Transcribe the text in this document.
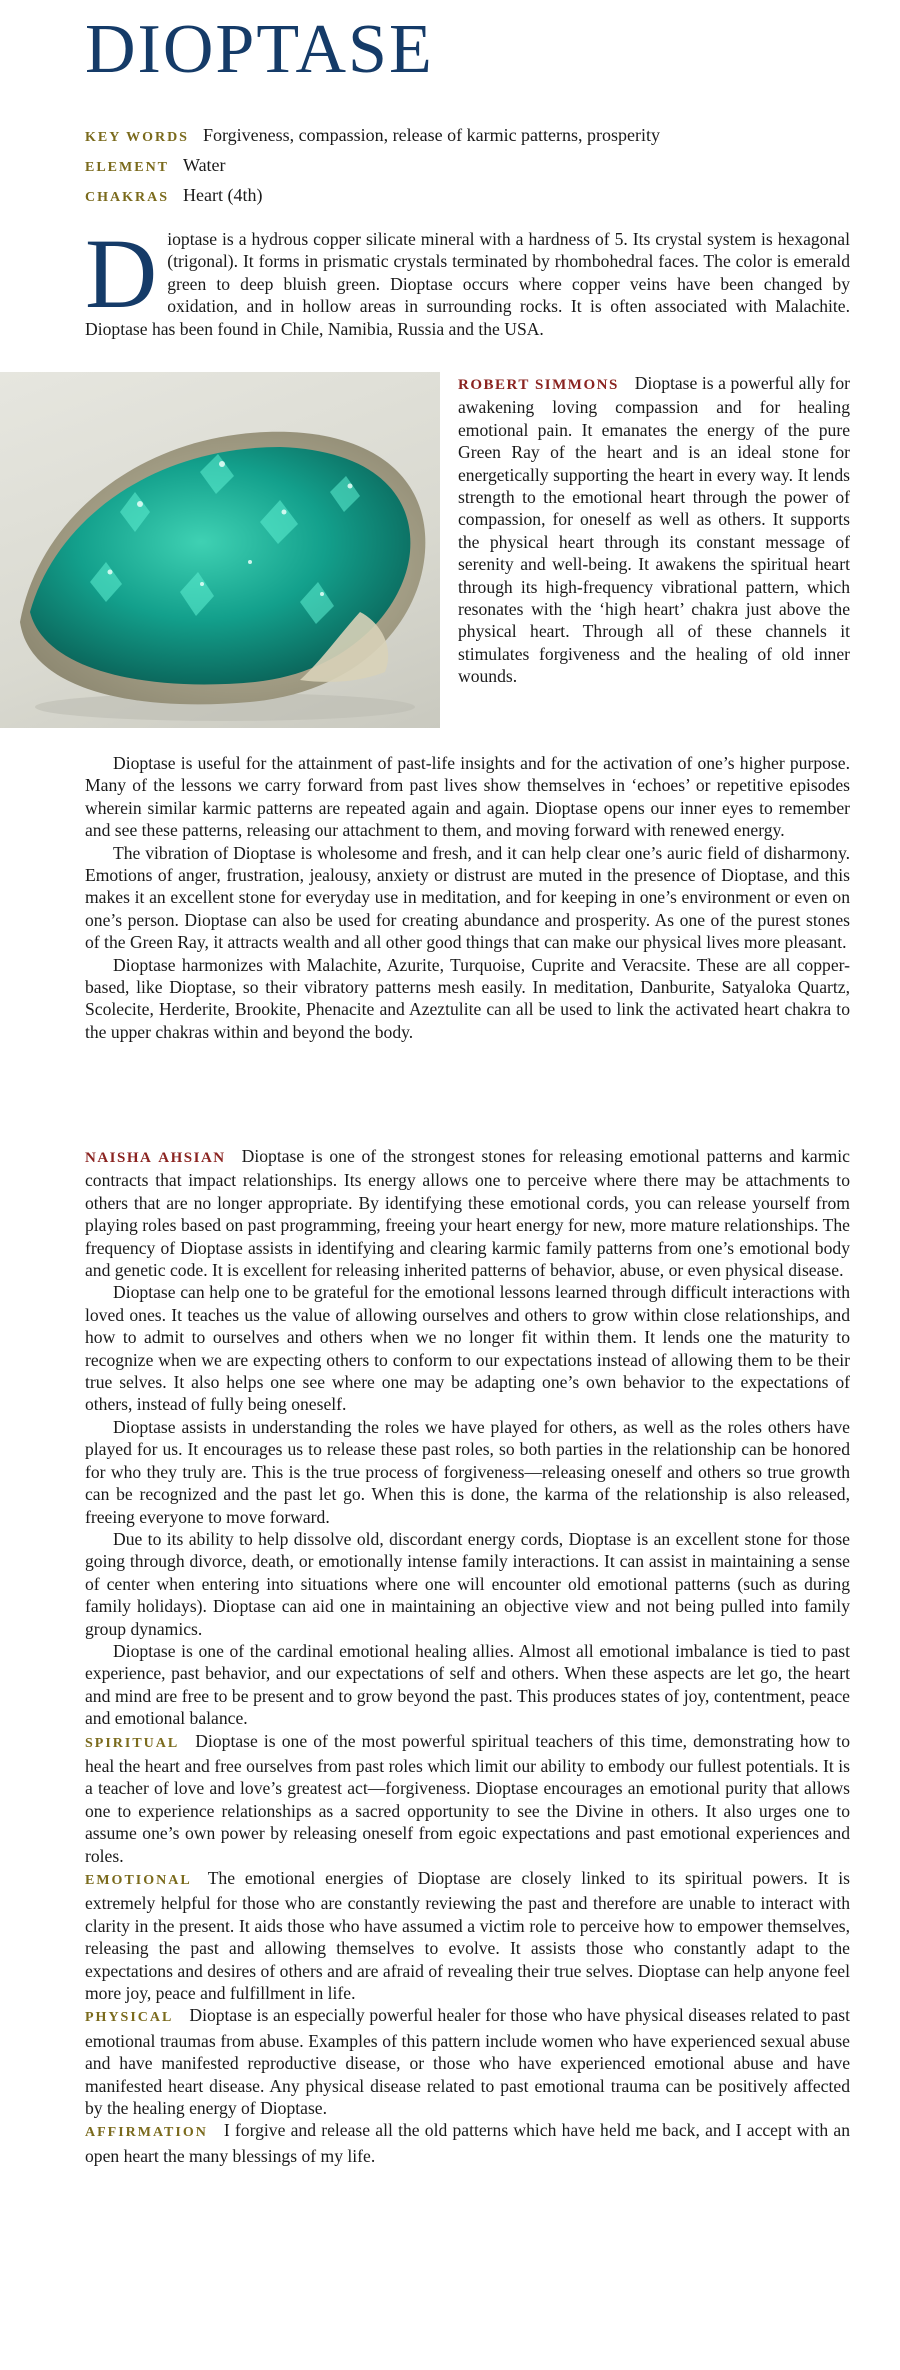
DIOPTASE
KEY WORDS Forgiveness, compassion, release of karmic patterns, prosperity
ELEMENT Water
CHAKRAS Heart (4th)
Dioptase is a hydrous copper silicate mineral with a hardness of 5. Its crystal system is hexagonal (trigonal). It forms in prismatic crystals terminated by rhombohedral faces. The color is emerald green to deep bluish green. Dioptase occurs where copper veins have been changed by oxidation, and in hollow areas in surrounding rocks. It is often associated with Malachite. Dioptase has been found in Chile, Namibia, Russia and the USA.

ROBERT SIMMONS Dioptase is a powerful ally for awakening loving compassion and for healing emotional pain. It emanates the energy of the pure Green Ray of the heart and is an ideal stone for energetically supporting the heart in every way. It lends strength to the emotional heart through the power of compassion, for oneself as well as others. It supports the physical heart through its constant message of serenity and well-being. It awakens the spiritual heart through its high-frequency vibrational pattern, which resonates with the ‘high heart’ chakra just above the physical heart. Through all of these channels it stimulates forgiveness and the healing of old inner wounds.

Dioptase is useful for the attainment of past-life insights and for the activation of one’s higher purpose. Many of the lessons we carry forward from past lives show themselves in ‘echoes’ or repetitive episodes wherein similar karmic patterns are repeated again and again. Dioptase opens our inner eyes to remember and see these patterns, releasing our attachment to them, and moving forward with renewed energy.

The vibration of Dioptase is wholesome and fresh, and it can help clear one’s auric field of disharmony. Emotions of anger, frustration, jealousy, anxiety or distrust are muted in the presence of Dioptase, and this makes it an excellent stone for everyday use in meditation, and for keeping in one’s environment or even on one’s person. Dioptase can also be used for creating abundance and prosperity. As one of the purest stones of the Green Ray, it attracts wealth and all other good things that can make our physical lives more pleasant.

Dioptase harmonizes with Malachite, Azurite, Turquoise, Cuprite and Veracsite. These are all copper-based, like Dioptase, so their vibratory patterns mesh easily. In meditation, Danburite, Satyaloka Quartz, Scolecite, Herderite, Brookite, Phenacite and Azeztulite can all be used to link the activated heart chakra to the upper chakras within and beyond the body.

NAISHA AHSIAN Dioptase is one of the strongest stones for releasing emotional patterns and karmic contracts that impact relationships. Its energy allows one to perceive where there may be attachments to others that are no longer appropriate. By identifying these emotional cords, you can release yourself from playing roles based on past programming, freeing your heart energy for new, more mature relationships. The frequency of Dioptase assists in identifying and clearing karmic family patterns from one’s emotional body and genetic code. It is excellent for releasing inherited patterns of behavior, abuse, or even physical disease.

Dioptase can help one to be grateful for the emotional lessons learned through difficult interactions with loved ones. It teaches us the value of allowing ourselves and others to grow within close relationships, and how to admit to ourselves and others when we no longer fit within them. It lends one the maturity to recognize when we are expecting others to conform to our expectations instead of allowing them to be their true selves. It also helps one see where one may be adapting one’s own behavior to the expectations of others, instead of fully being oneself.

Dioptase assists in understanding the roles we have played for others, as well as the roles others have played for us. It encourages us to release these past roles, so both parties in the relationship can be honored for who they truly are. This is the true process of forgiveness—releasing oneself and others so true growth can be recognized and the past let go. When this is done, the karma of the relationship is also released, freeing everyone to move forward.

Due to its ability to help dissolve old, discordant energy cords, Dioptase is an excellent stone for those going through divorce, death, or emotionally intense family interactions. It can assist in maintaining a sense of center when entering into situations where one will encounter old emotional patterns (such as during family holidays). Dioptase can aid one in maintaining an objective view and not being pulled into family group dynamics.

Dioptase is one of the cardinal emotional healing allies. Almost all emotional imbalance is tied to past experience, past behavior, and our expectations of self and others. When these aspects are let go, the heart and mind are free to be present and to grow beyond the past. This produces states of joy, contentment, peace and emotional balance.

SPIRITUAL Dioptase is one of the most powerful spiritual teachers of this time, demonstrating how to heal the heart and free ourselves from past roles which limit our ability to embody our fullest potentials. It is a teacher of love and love’s greatest act—forgiveness. Dioptase encourages an emotional purity that allows one to experience relationships as a sacred opportunity to see the Divine in others. It also urges one to assume one’s own power by releasing oneself from egoic expectations and past emotional experiences and roles.

EMOTIONAL The emotional energies of Dioptase are closely linked to its spiritual powers. It is extremely helpful for those who are constantly reviewing the past and therefore are unable to interact with clarity in the present. It aids those who have assumed a victim role to perceive how to empower themselves, releasing the past and allowing themselves to evolve. It assists those who constantly adapt to the expectations and desires of others and are afraid of revealing their true selves. Dioptase can help anyone feel more joy, peace and fulfillment in life.

PHYSICAL Dioptase is an especially powerful healer for those who have physical diseases related to past emotional traumas from abuse. Examples of this pattern include women who have experienced sexual abuse and have manifested reproductive disease, or those who have experienced emotional abuse and have manifested heart disease. Any physical disease related to past emotional trauma can be positively affected by the healing energy of Dioptase.

AFFIRMATION I forgive and release all the old patterns which have held me back, and I accept with an open heart the many blessings of my life.
